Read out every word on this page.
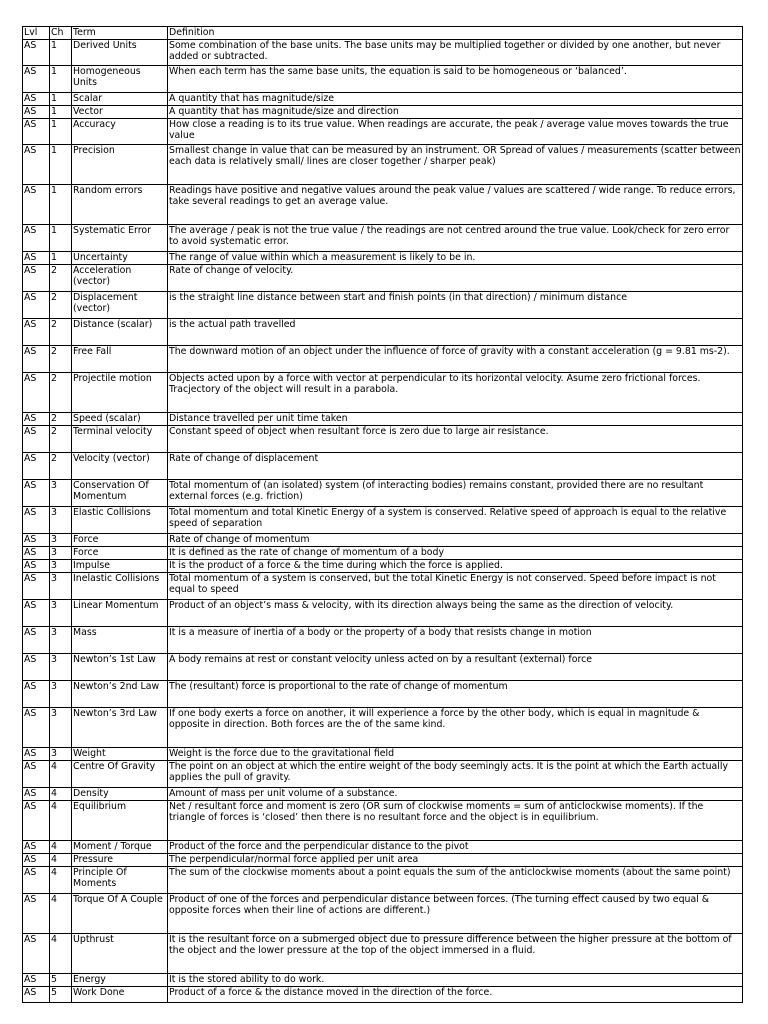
Lvl	Ch	Term	Definition
AS	1	Derived Units	Some combination of the base units. The base units may be multiplied together or divided by one another, but never added or subtracted.
AS	1	Homogeneous Units	When each term has the same base units, the equation is said to be homogeneous or ‘balanced’.
AS	1	Scalar	A quantity that has magnitude/size
AS	1	Vector	A quantity that has magnitude/size and direction
AS	1	Accuracy	How close a reading is to its true value. When readings are accurate, the peak / average value moves towards the true value
AS	1	Precision	Smallest change in value that can be measured by an instrument. OR Spread of values / measurements (scatter between each data is relatively small/ lines are closer together / sharper peak)
AS	1	Random errors	Readings have positive and negative values around the peak value / values are scattered / wide range. To reduce errors, take several readings to get an average value.
AS	1	Systematic Error	The average / peak is not the true value / the readings are not centred around the true value. Look/check for zero error to avoid systematic error.
AS	1	Uncertainty	The range of value within which a measurement is likely to be in.
AS	2	Acceleration (vector)	Rate of change of velocity.
AS	2	Displacement (vector)	is the straight line distance between start and finish points (in that direction) / minimum distance
AS	2	Distance (scalar)	is the actual path travelled
AS	2	Free Fall	The downward motion of an object under the influence of force of gravity with a constant acceleration (g = 9.81 ms-2).
AS	2	Projectile motion	Objects acted upon by a force with vector at perpendicular to its horizontal velocity. Asume zero frictional forces. Tracjectory of the object will result in a parabola.
AS	2	Speed (scalar)	Distance travelled per unit time taken
AS	2	Terminal velocity	Constant speed of object when resultant force is zero due to large air resistance.
AS	2	Velocity (vector)	Rate of change of displacement
AS	3	Conservation Of Momentum	Total momentum of (an isolated) system (of interacting bodies) remains constant, provided there are no resultant external forces (e.g. friction)
AS	3	Elastic Collisions	Total momentum and total Kinetic Energy of a system is conserved. Relative speed of approach is equal to the relative speed of separation
AS	3	Force	Rate of change of momentum
AS	3	Force	It is defined as the rate of change of momentum of a body
AS	3	Impulse	It is the product of a force & the time during which the force is applied.
AS	3	Inelastic Collisions	Total momentum of a system is conserved, but the total Kinetic Energy is not conserved. Speed before impact is not equal to speed
AS	3	Linear Momentum	Product of an object’s mass & velocity, with its direction always being the same as the direction of velocity.
AS	3	Mass	It is a measure of inertia of a body or the property of a body that resists change in motion
AS	3	Newton’s 1st Law	A body remains at rest or constant velocity unless acted on by a resultant (external) force
AS	3	Newton’s 2nd Law	The (resultant) force is proportional to the rate of change of momentum
AS	3	Newton’s 3rd Law	If one body exerts a force on another, it will experience a force by the other body, which is equal in magnitude & opposite in direction. Both forces are the of the same kind.
AS	3	Weight	Weight is the force due to the gravitational field
AS	4	Centre Of Gravity	The point on an object at which the entire weight of the body seemingly acts. It is the point at which the Earth actually applies the pull of gravity.
AS	4	Density	Amount of mass per unit volume of a substance.
AS	4	Equilibrium	Net / resultant force and moment is zero (OR sum of clockwise moments = sum of anticlockwise moments). If the triangle of forces is ‘closed’ then there is no resultant force and the object is in equilibrium.
AS	4	Moment / Torque	Product of the force and the perpendicular distance to the pivot
AS	4	Pressure	The perpendicular/normal force applied per unit area
AS	4	Principle Of Moments	The sum of the clockwise moments about a point equals the sum of the anticlockwise moments (about the same point)
AS	4	Torque Of A Couple	Product of one of the forces and perpendicular distance between forces. (The turning effect caused by two equal & opposite forces when their line of actions are different.)
AS	4	Upthrust	It is the resultant force on a submerged object due to pressure difference between the higher pressure at the bottom of the object and the lower pressure at the top of the object immersed in a fluid.
AS	5	Energy	It is the stored ability to do work.
AS	5	Work Done	Product of a force & the distance moved in the direction of the force.
